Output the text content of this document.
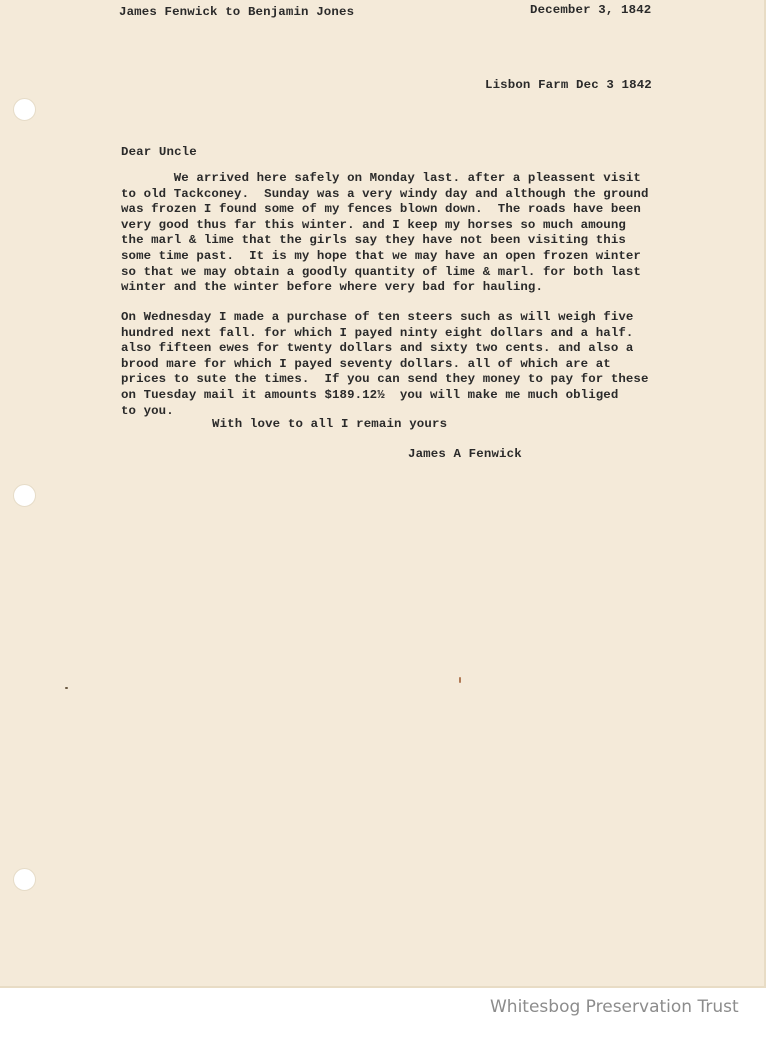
James Fenwick to Benjamin Jones	December 3, 1842

Lisbon Farm Dec 3 1842

Dear Uncle

We arrived here safely on Monday last. after a pleassent visit
to old Tackconey.  Sunday was a very windy day and although the ground
was frozen I found some of my fences blown down.  The roads have been
very good thus far this winter. and I keep my horses so much amoung
the marl & lime that the girls say they have not been visiting this
some time past.  It is my hope that we may have an open frozen winter
so that we may obtain a goodly quantity of lime & marl. for both last
winter and the winter before where very bad for hauling.
On Wednesday I made a purchase of ten steers such as will weigh five
hundred next fall. for which I payed ninty eight dollars and a half.
also fifteen ewes for twenty dollars and sixty two cents. and also a
brood mare for which I payed seventy dollars. all of which are at
prices to sute the times.  If you can send they money to pay for these
on Tuesday mail it amounts $189.12½  you will make me much obliged
to you.

With love to all I remain yours

James A Fenwick

Whitesbog Preservation Trust
